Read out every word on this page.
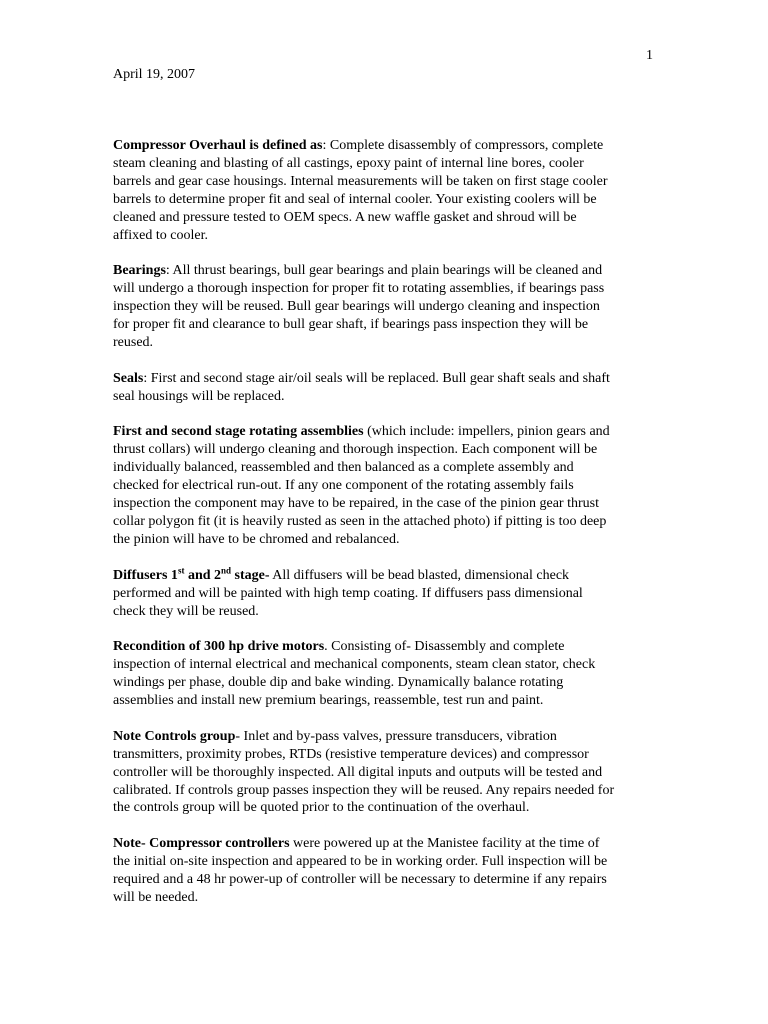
1
April 19, 2007
Compressor Overhaul is defined as: Complete disassembly of compressors, complete
steam cleaning and blasting of all castings, epoxy paint of internal line bores, cooler
barrels and gear case housings. Internal measurements will be taken on first stage cooler
barrels to determine proper fit and seal of internal cooler. Your existing coolers will be
cleaned and pressure tested to OEM specs. A new waffle gasket and shroud will be
affixed to cooler.
Bearings: All thrust bearings, bull gear bearings and plain bearings will be cleaned and
will undergo a thorough inspection for proper fit to rotating assemblies, if bearings pass
inspection they will be reused. Bull gear bearings will undergo cleaning and inspection
for proper fit and clearance to bull gear shaft, if bearings pass inspection they will be
reused.
Seals: First and second stage air/oil seals will be replaced. Bull gear shaft seals and shaft
seal housings will be replaced.
First and second stage rotating assemblies (which include: impellers, pinion gears and
thrust collars) will undergo cleaning and thorough inspection. Each component will be
individually balanced, reassembled and then balanced as a complete assembly and
checked for electrical run-out. If any one component of the rotating assembly fails
inspection the component may have to be repaired, in the case of the pinion gear thrust
collar polygon fit (it is heavily rusted as seen in the attached photo) if pitting is too deep
the pinion will have to be chromed and rebalanced.
Diffusers 1st and 2nd stage- All diffusers will be bead blasted, dimensional check
performed and will be painted with high temp coating. If diffusers pass dimensional
check they will be reused.
Recondition of 300 hp drive motors. Consisting of- Disassembly and complete
inspection of internal electrical and mechanical components, steam clean stator, check
windings per phase, double dip and bake winding. Dynamically balance rotating
assemblies and install new premium bearings, reassemble, test run and paint.
Note Controls group- Inlet and by-pass valves, pressure transducers, vibration
transmitters, proximity probes, RTDs (resistive temperature devices) and compressor
controller will be thoroughly inspected. All digital inputs and outputs will be tested and
calibrated. If controls group passes inspection they will be reused. Any repairs needed for
the controls group will be quoted prior to the continuation of the overhaul.
Note- Compressor controllers were powered up at the Manistee facility at the time of
the initial on-site inspection and appeared to be in working order. Full inspection will be
required and a 48 hr power-up of controller will be necessary to determine if any repairs
will be needed.
